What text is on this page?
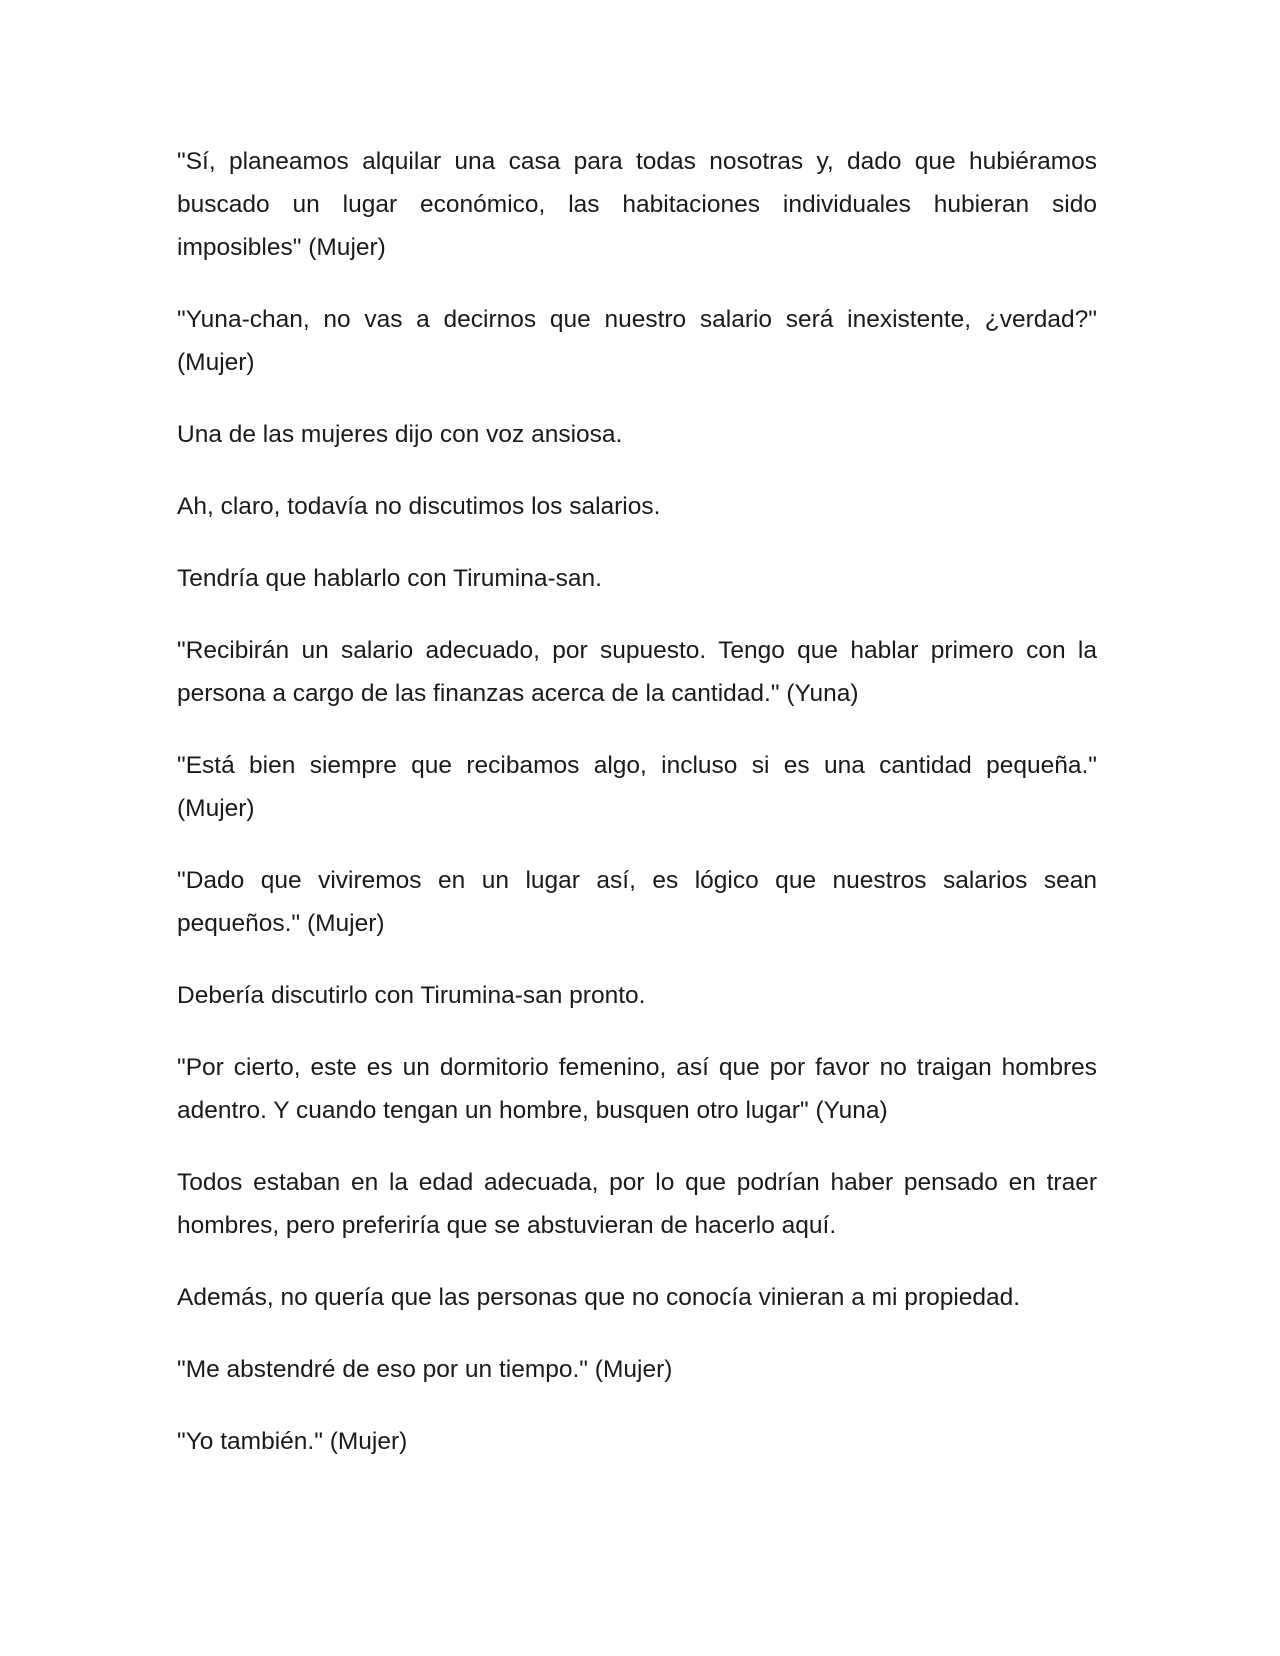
"Sí, planeamos alquilar una casa para todas nosotras y, dado que hubiéramos buscado un lugar económico, las habitaciones individuales hubieran sido imposibles" (Mujer)

"Yuna-chan, no vas a decirnos que nuestro salario será inexistente, ¿verdad?" (Mujer)

Una de las mujeres dijo con voz ansiosa.

Ah, claro, todavía no discutimos los salarios.

Tendría que hablarlo con Tirumina-san.

"Recibirán un salario adecuado, por supuesto. Tengo que hablar primero con la persona a cargo de las finanzas acerca de la cantidad." (Yuna)

"Está bien siempre que recibamos algo, incluso si es una cantidad pequeña." (Mujer)

"Dado que viviremos en un lugar así, es lógico que nuestros salarios sean pequeños." (Mujer)

Debería discutirlo con Tirumina-san pronto.

"Por cierto, este es un dormitorio femenino, así que por favor no traigan hombres adentro. Y cuando tengan un hombre, busquen otro lugar" (Yuna)

Todos estaban en la edad adecuada, por lo que podrían haber pensado en traer hombres, pero preferiría que se abstuvieran de hacerlo aquí.

Además, no quería que las personas que no conocía vinieran a mi propiedad.

"Me abstendré de eso por un tiempo." (Mujer)

"Yo también." (Mujer)
